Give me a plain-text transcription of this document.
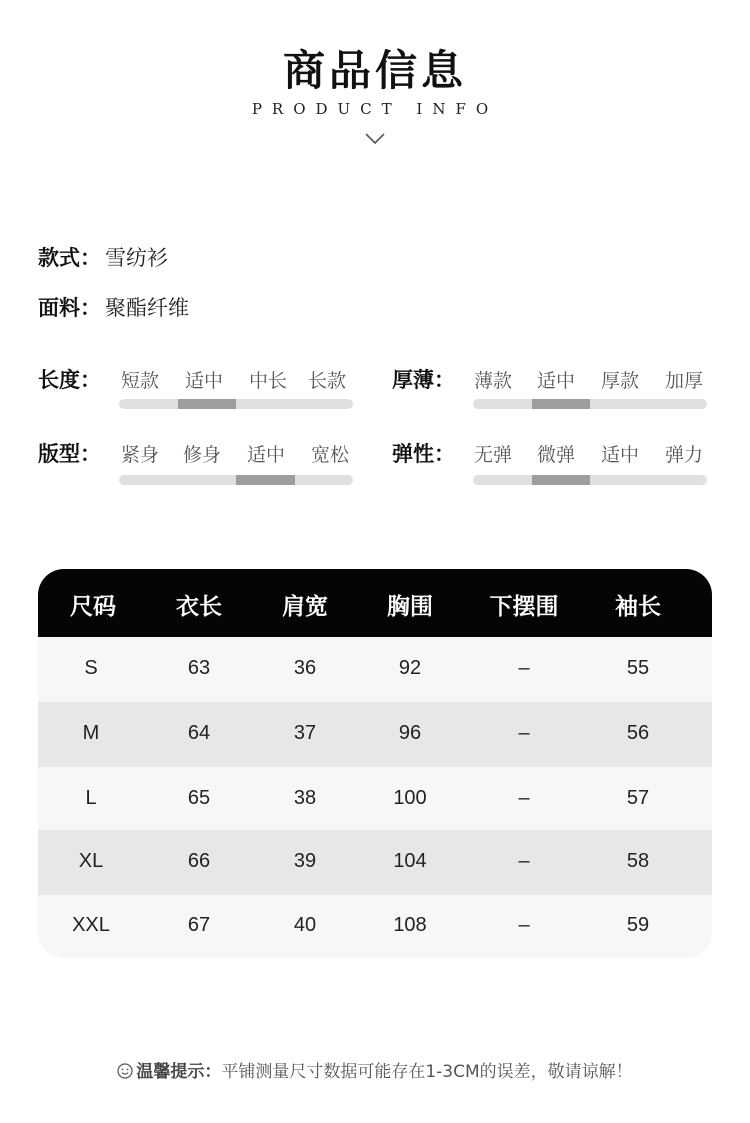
商品信息
PRODUCT INFO
款式： 雪纺衫
面料： 聚酯纤维
长度： 短款 适中 中长 长款 厚薄： 薄款 适中 厚款 加厚
版型： 紧身 修身 适中 宽松 弹性： 无弹 微弹 适中 弹力
尺码	衣长	肩宽	胸围	下摆围	袖长
S	63	36	92	–	55
M	64	37	96	–	56
L	65	38	100	–	57
XL	66	39	104	–	58
XXL	67	40	108	–	59
温馨提示：平铺测量尺寸数据可能存在1-3CM的误差，敬请谅解！
